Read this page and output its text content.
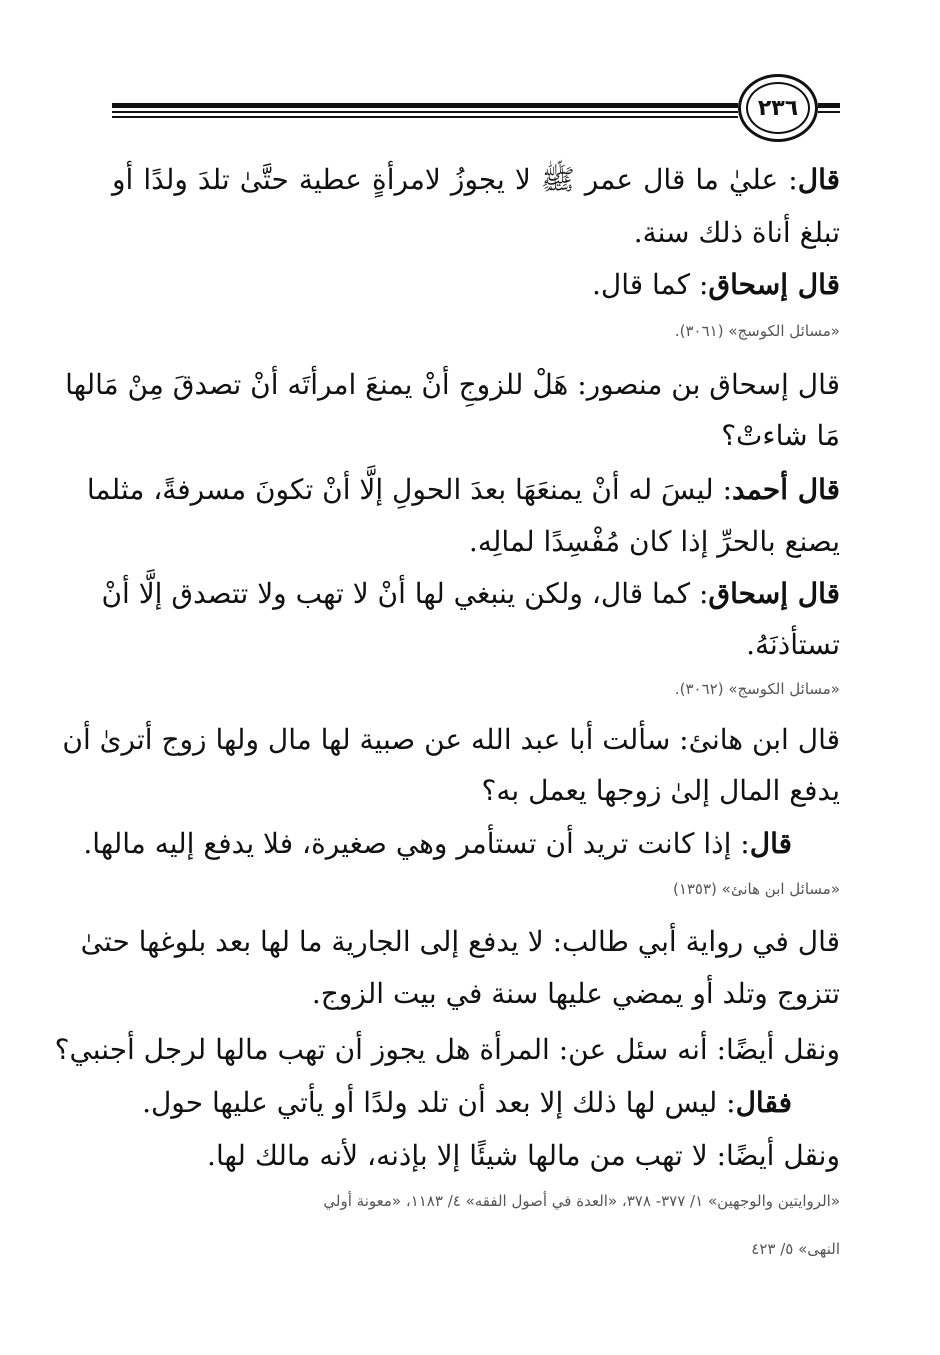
٢٣٦
قال: عليٰ ما قال عمر ﷺ لا يجوزُ لامرأةٍ عطية حتَّىٰ تلدَ ولدًا أو
تبلغ أناة ذلك سنة.
قال إسحاق: كما قال.
«مسائل الكوسج» (٣٠٦١).
قال إسحاق بن منصور: هَلْ للزوجِ أنْ يمنعَ امرأتَه أنْ تصدقَ مِنْ مَالها
مَا شاءتْ؟
قال أحمد: ليسَ له أنْ يمنعَهَا بعدَ الحولِ إلَّا أنْ تكونَ مسرفةً، مثلما
يصنع بالحرِّ إذا كان مُفْسِدًا لمالِه.
قال إسحاق: كما قال، ولكن ينبغي لها أنْ لا تهب ولا تتصدق إلَّا أنْ
تستأذنَهُ.
«مسائل الكوسج» (٣٠٦٢).
قال ابن هانئ: سألت أبا عبد الله عن صبية لها مال ولها زوج أترىٰ أن
يدفع المال إلىٰ زوجها يعمل به؟
قال: إذا كانت تريد أن تستأمر وهي صغيرة، فلا يدفع إليه مالها.
«مسائل ابن هانئ» (١٣٥٣)
قال في رواية أبي طالب: لا يدفع إلى الجارية ما لها بعد بلوغها حتىٰ
تتزوج وتلد أو يمضي عليها سنة في بيت الزوج.
ونقل أيضًا: أنه سئل عن: المرأة هل يجوز أن تهب مالها لرجل أجنبي؟
فقال: ليس لها ذلك إلا بعد أن تلد ولدًا أو يأتي عليها حول.
ونقل أيضًا: لا تهب من مالها شيئًا إلا بإذنه، لأنه مالك لها.
«الروايتين والوجهين» ١/ ٣٧٧- ٣٧٨، «العدة في أصول الفقه» ٤/ ١١٨٣، «معونة أولي
النهى» ٥/ ٤٢٣
